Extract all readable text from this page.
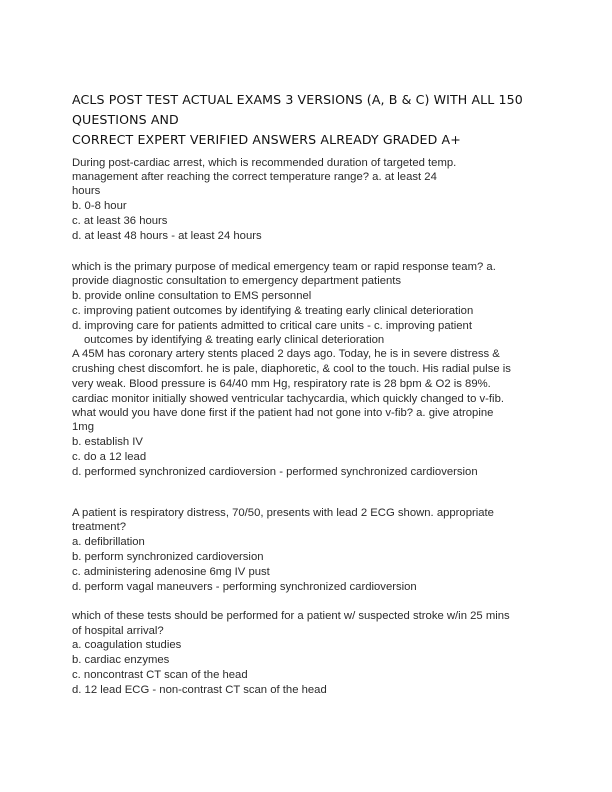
ACLS POST TEST ACTUAL EXAMS 3 VERSIONS (A, B & C) WITH ALL 150
QUESTIONS AND
CORRECT EXPERT VERIFIED ANSWERS ALREADY GRADED A+
During post-cardiac arrest, which is recommended duration of targeted temp.
management after reaching the correct temperature range? a. at least 24
hours
b. 0-8 hour
c. at least 36 hours
d. at least 48 hours - at least 24 hours
which is the primary purpose of medical emergency team or rapid response team? a.
provide diagnostic consultation to emergency department patients
b. provide online consultation to EMS personnel
c. improving patient outcomes by identifying & treating early clinical deterioration
d. improving care for patients admitted to critical care units - c. improving patient
outcomes by identifying & treating early clinical deterioration
A 45M has coronary artery stents placed 2 days ago. Today, he is in severe distress &
crushing chest discomfort. he is pale, diaphoretic, & cool to the touch. His radial pulse is
very weak. Blood pressure is 64/40 mm Hg, respiratory rate is 28 bpm & O2 is 89%.
cardiac monitor initially showed ventricular tachycardia, which quickly changed to v-fib.
what would you have done first if the patient had not gone into v-fib? a. give atropine
1mg
b. establish IV
c. do a 12 lead
d. performed synchronized cardioversion - performed synchronized cardioversion
A patient is respiratory distress, 70/50, presents with lead 2 ECG shown. appropriate
treatment?
a. defibrillation
b. perform synchronized cardioversion
c. administering adenosine 6mg IV pust
d. perform vagal maneuvers - performing synchronized cardioversion
which of these tests should be performed for a patient w/ suspected stroke w/in 25 mins
of hospital arrival?
a. coagulation studies
b. cardiac enzymes
c. noncontrast CT scan of the head
d. 12 lead ECG - non-contrast CT scan of the head
